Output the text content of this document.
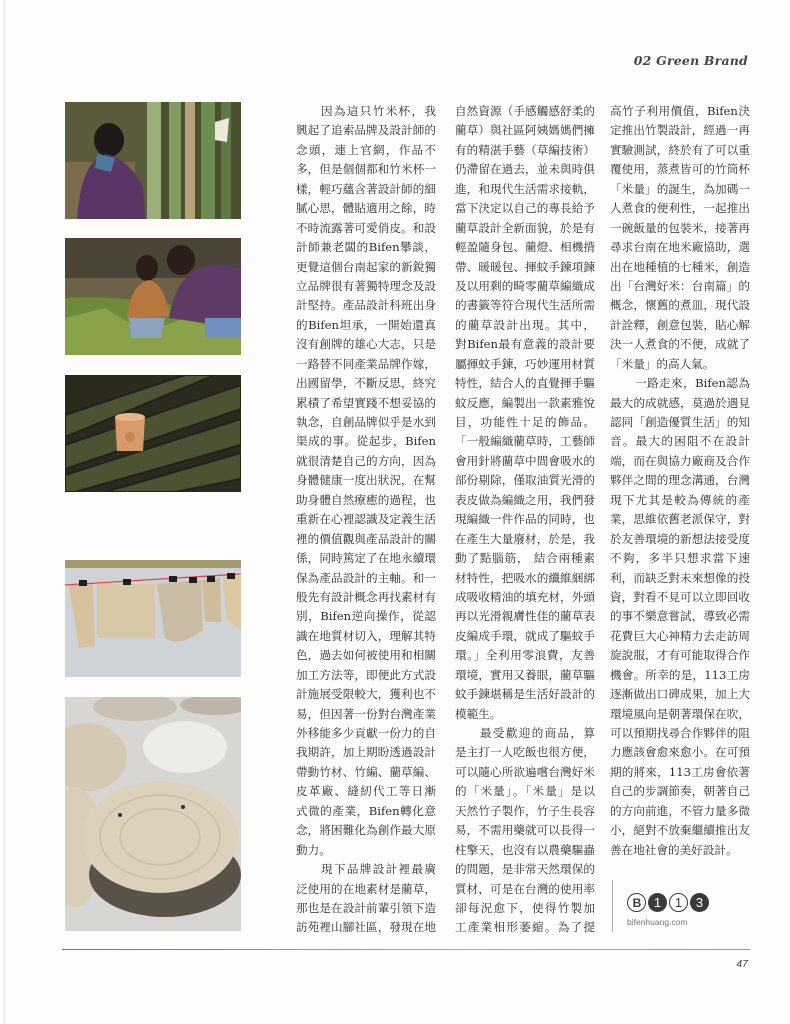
02 Green Brand
因為這只竹米杯，我
興起了追索品牌及設計師的
念頭，連上官網，作品不
多，但是個個都和竹米杯一
樣，輕巧蘊含著設計師的細
膩心思，體貼適用之餘，時
不時流露著可愛俏皮。和設
計師兼老闆的Bifen攀談，
更覺這個台南起家的新銳獨
立品牌很有著獨特理念及設
計堅持。產品設計科班出身
的Bifen坦承，一開始還真
沒有創牌的雄心大志，只是
一路替不同產業品牌作嫁，
出國留學，不斷反思，終究
累積了希望實踐不想妥協的
執念，自創品牌似乎是水到
渠成的事。從起步，Bifen
就很清楚自己的方向，因為
身體健康一度出狀況，在幫
助身體自然療癒的過程，也
重新在心裡認識及定義生活
裡的價值觀與產品設計的關
係，同時篤定了在地永續環
保為產品設計的主軸。和一
般先有設計概念再找素材有
別，Bifen逆向操作，從認
識在地質材切入，理解其特
色，過去如何被使用和相關
加工方法等，即便此方式設
計施展受限較大，獲利也不
易，但因著一份對台灣產業
外移能多少貢獻一份力的自
我期許，加上期盼透過設計
帶動竹材、竹編、藺草編、
皮革廠、縫紉代工等日漸
式微的產業，Bifen轉化意
念，將困難化為創作最大原
動力。
現下品牌設計裡最廣
泛使用的在地素材是藺草，
那也是在設計前輩引領下造
訪苑裡山腳社區，發現在地
自然資源（手感觸感舒柔的
藺草）與社區阿姨媽媽們擁
有的精湛手藝（草編技術）
仍滯留在過去，並未與時俱
進，和現代生活需求接軌，
當下決定以自己的專長給予
藺草設計全新面貌，於是有
輕盈隨身包、藺燈、相機揹
帶、暖暖包、揮蚊手鍊項鍊
及以用剩的畸零藺草編織成
的書籤等符合現代生活所需
的藺草設計出現。其中，
對Bifen最有意義的設計要
屬揮蚊手鍊，巧妙運用材質
特性，結合人的直覺揮手驅
蚊反應，編製出一款素雅悅
目，功能性十足的飾品。
「一般編織藺草時，工藝師
會用針將藺草中間會吸水的
部份剔除，僅取油質光滑的
表皮做為編織之用，我們發
現編織一件作品的同時，也
在產生大量廢材，於是，我
動了點腦筋， 結合兩種素
材特性，把吸水的纖維綑綁
成吸收精油的填充材，外頭
再以光滑親膚性佳的藺草表
皮編成手環，就成了驅蚊手
環。」全利用零浪費，友善
環境，實用又養眼，藺草驅
蚊手鍊堪稱是生活好設計的
模範生。
最受歡迎的商品，算
是主打一人吃飯也很方便，
可以隨心所欲遍嚐台灣好米
的「米量」。「米量」是以
天然竹子製作，竹子生長容
易，不需用藥就可以長得一
柱擎天，也沒有以農藥驅蟲
的問題，是非常天然環保的
質材，可是在台灣的使用率
卻每況愈下，使得竹製加
工產業相形萎縮。為了提
高竹子利用價值，Bifen決
定推出竹製設計，經過一再
實驗測試，終於有了可以重
覆使用，蒸煮皆可的竹筒杯
「米量」的誕生，為加碼一
人煮食的便利性，一起推出
一碗飯量的包裝米，接著再
尋求台南在地米廠協助，選
出在地種植的七種米，創造
出「台灣好米：台南篇」的
概念，懷舊的煮皿，現代設
計詮釋，創意包裝，貼心解
決一人煮食的不便，成就了
「米量」的高人氣。
一路走來，Bifen認為
最大的成就感，莫過於遇見
認同「創造優質生活」的知
音。最大的困阻不在設計
端，而在與協力廠商及合作
夥伴之間的理念溝通，台灣
現下尤其是較為傳統的產
業，思維依舊老派保守，對
於友善環境的新想法接受度
不夠，多半只想求當下速
利，而缺乏對未來想像的投
資，對看不見可以立即回收
的事不樂意嘗試，導致必需
花費巨大心神精力去走訪周
旋說服，才有可能取得合作
機會。所幸的是，113工房
逐漸做出口碑成果，加上大
環境風向是朝著環保在吹，
可以預期找尋合作夥伴的阻
力應該會愈來愈小。在可預
期的將來，113工房會依著
自己的步調節奏，朝著自己
的方向前進，不管力量多微
小，絕對不放棄繼續推出友
善在地社會的美好設計。
B	1	1	3
bifenhuang.com
47
